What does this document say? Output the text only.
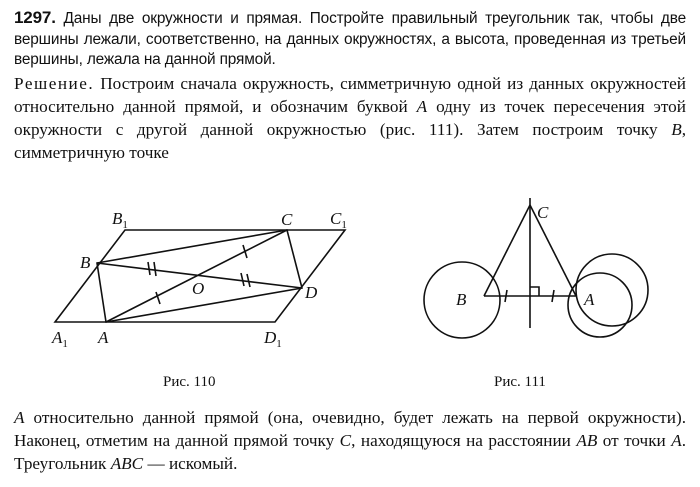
1297. Даны две окружности и прямая. Постройте правильный треугольник так, чтобы две вершины лежали, соответственно, на данных окружностях, а высота, проведенная из третьей вершины, лежала на данной прямой.

Решение. Построим сначала окружность, симметричную одной из данных окружностей относительно данной прямой, и обозначим буквой A одну из точек пересечения этой окружности с другой данной окружностью (рис. 111). Затем построим точку B, симметричную точке

$B_1$	C $C_1$
B
O	D
$A_1$ A	$D_1$
Рис. 110
C
B	A
Рис. 111

A относительно данной прямой (она, очевидно, будет лежать на первой окружности). Наконец, отметим на данной прямой точку C, находящуюся на расстоянии AB от точки A. Треугольник ABC — искомый.
